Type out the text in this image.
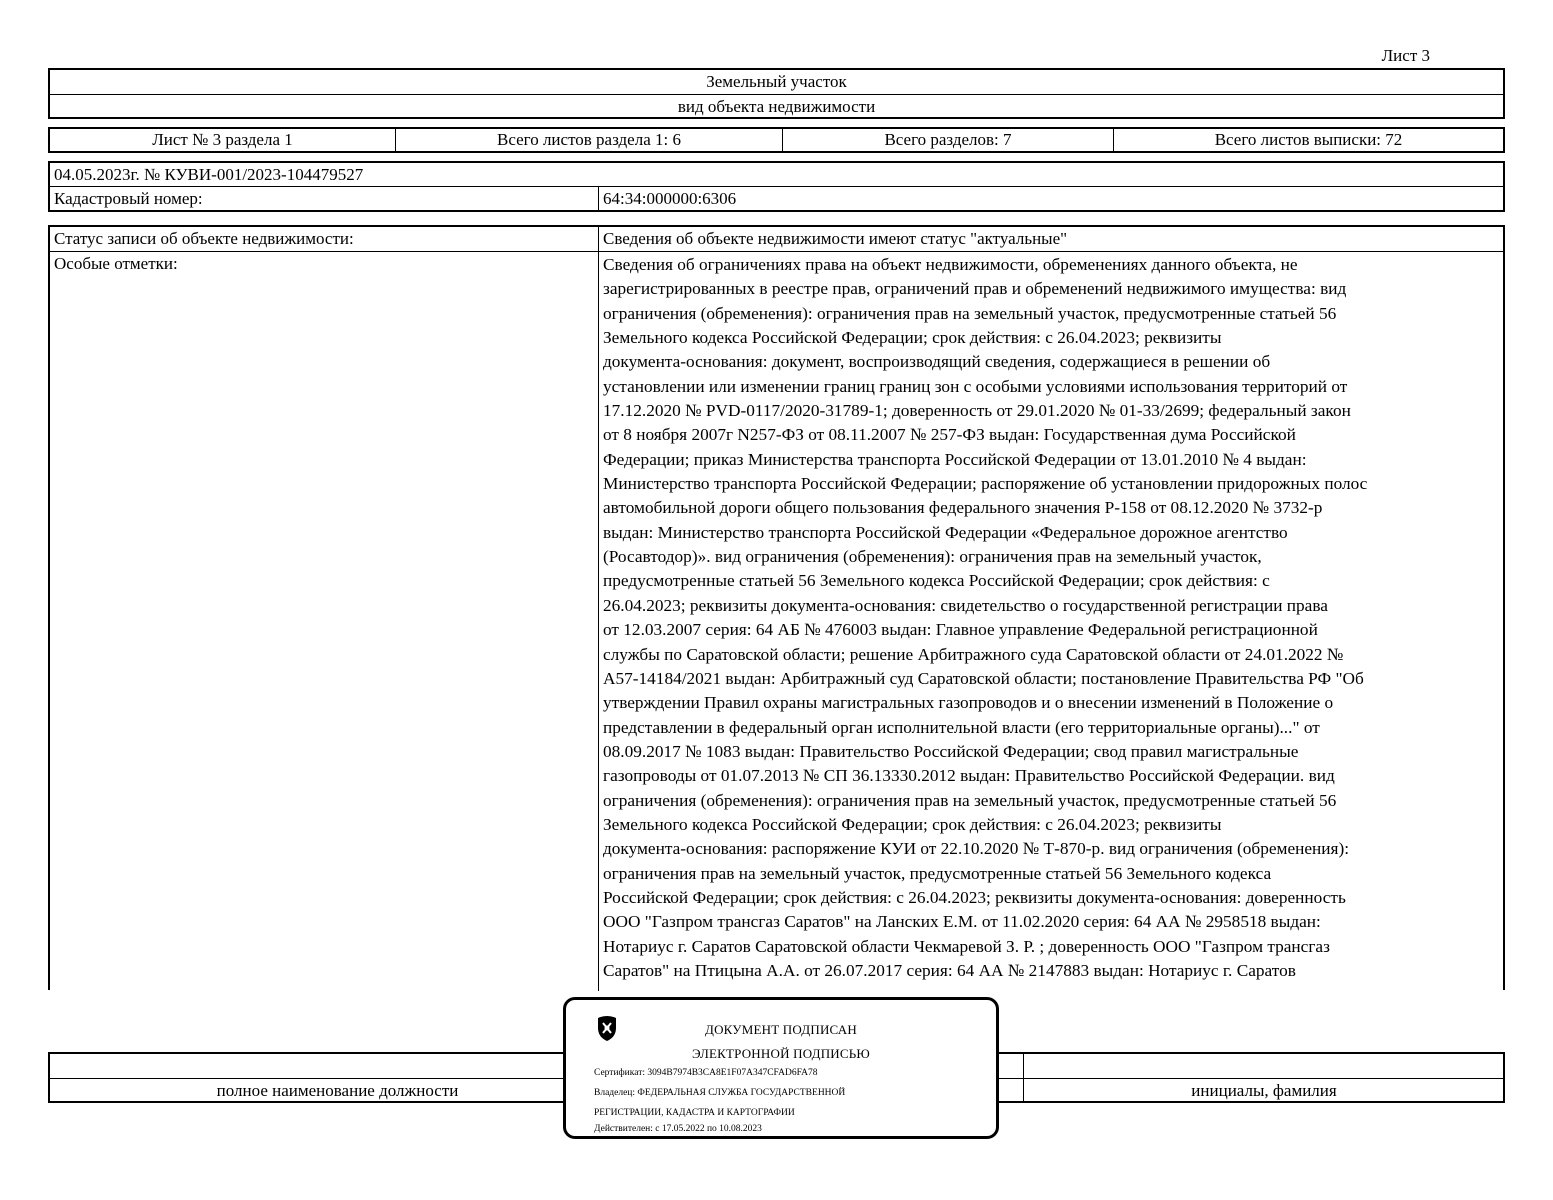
Лист 3
Земельный участок
вид объекта недвижимости
Лист № 3 раздела 1	Всего листов раздела 1: 6	Всего разделов: 7	Всего листов выписки: 72
04.05.2023г. № КУВИ-001/2023-104479527
Кадастровый номер:	64:34:000000:6306
Статус записи об объекте недвижимости:	Сведения об объекте недвижимости имеют статус "актуальные"
Особые отметки:	Сведения об ограничениях права на объект недвижимости, обременениях данного объекта, не
зарегистрированных в реестре прав, ограничений прав и обременений недвижимого имущества: вид
ограничения (обременения): ограничения прав на земельный участок, предусмотренные статьей 56
Земельного кодекса Российской Федерации; срок действия: с 26.04.2023; реквизиты
документа-основания: документ, воспроизводящий сведения, содержащиеся в решении об
установлении или изменении границ границ зон с особыми условиями использования территорий от
17.12.2020 № PVD-0117/2020-31789-1; доверенность от 29.01.2020 № 01-33/2699; федеральный закон
от 8 ноября 2007г N257-ФЗ от 08.11.2007 № 257-ФЗ выдан: Государственная дума Российской
Федерации; приказ Министерства транспорта Российской Федерации от 13.01.2010 № 4 выдан:
Министерство транспорта Российской Федерации; распоряжение об установлении придорожных полос
автомобильной дороги общего пользования федерального значения Р-158 от 08.12.2020 № 3732-р
выдан: Министерство транспорта Российской Федерации «Федеральное дорожное агентство
(Росавтодор)». вид ограничения (обременения): ограничения прав на земельный участок,
предусмотренные статьей 56 Земельного кодекса Российской Федерации; срок действия: с
26.04.2023; реквизиты документа-основания: свидетельство о государственной регистрации права
от 12.03.2007 серия: 64 АБ № 476003 выдан: Главное управление Федеральной регистрационной
службы по Саратовской области; решение Арбитражного суда Саратовской области от 24.01.2022 №
А57-14184/2021 выдан: Арбитражный суд Саратовской области; постановление Правительства РФ "Об
утверждении Правил охраны магистральных газопроводов и о внесении изменений в Положение о
представлении в федеральный орган исполнительной власти (его территориальные органы)..." от
08.09.2017 № 1083 выдан: Правительство Российской Федерации; свод правил магистральные
газопроводы от 01.07.2013 № СП 36.13330.2012 выдан: Правительство Российской Федерации. вид
ограничения (обременения): ограничения прав на земельный участок, предусмотренные статьей 56
Земельного кодекса Российской Федерации; срок действия: с 26.04.2023; реквизиты
документа-основания: распоряжение КУИ от 22.10.2020 № Т-870-р. вид ограничения (обременения):
ограничения прав на земельный участок, предусмотренные статьей 56 Земельного кодекса
Российской Федерации; срок действия: с 26.04.2023; реквизиты документа-основания: доверенность
ООО "Газпром трансгаз Саратов" на Ланских Е.М. от 11.02.2020 серия: 64 АА № 2958518 выдан:
Нотариус г. Саратов Саратовской области Чекмаревой З. Р. ; доверенность ООО "Газпром трансгаз
Саратов" на Птицына А.А. от 26.07.2017 серия: 64 АА № 2147883 выдан: Нотариус г. Саратов
полное наименование должности	инициалы, фамилия
ДОКУМЕНТ ПОДПИСАН
ЭЛЕКТРОННОЙ ПОДПИСЬЮ
Сертификат: 3094B7974B3CA8E1F07A347CFAD6FA78
Владелец: ФЕДЕРАЛЬНАЯ СЛУЖБА ГОСУДАРСТВЕННОЙ
РЕГИСТРАЦИИ, КАДАСТРА И КАРТОГРАФИИ
Действителен: с 17.05.2022 по 10.08.2023
